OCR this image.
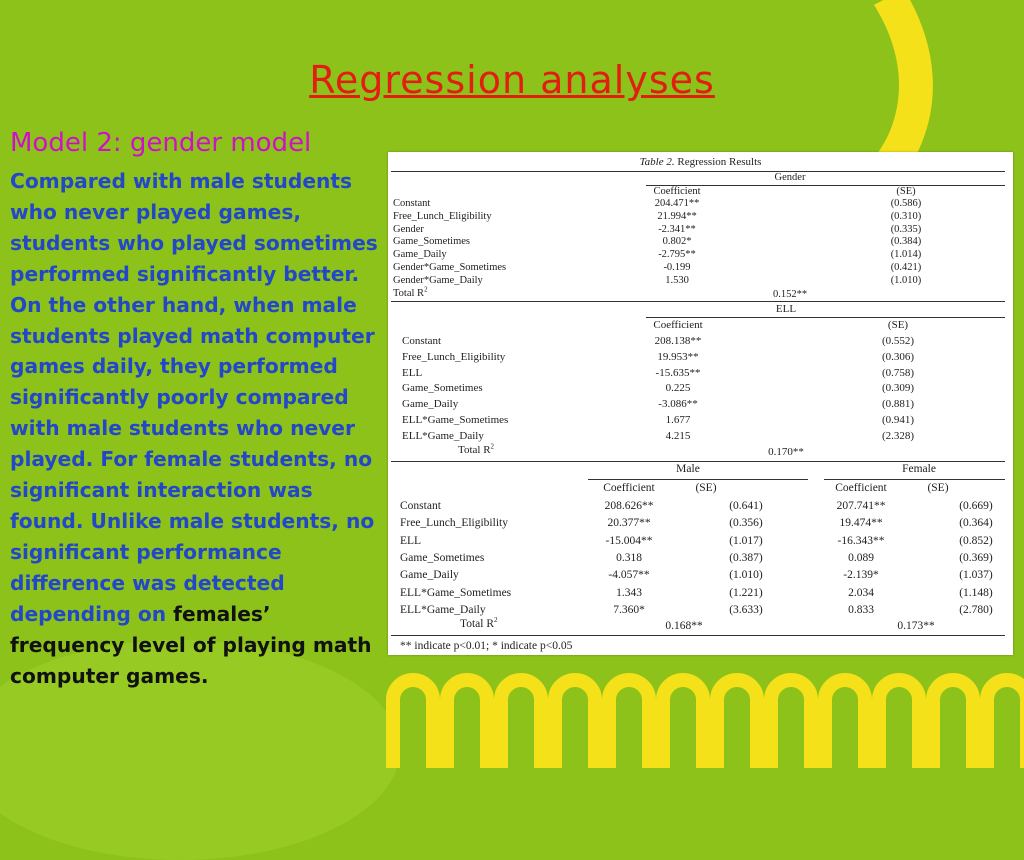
Regression analyses
Model 2: gender model
Compared with male students who never played games, students who played sometimes performed significantly better. On the other hand, when male students played math computer games daily, they performed significantly poorly compared with male students who never played. For female students, no significant interaction was found. Unlike male students, no significant performance difference was detected depending on females’ frequency level of playing math computer games.
Table 2. Regression Results
Gender
Coefficient	(SE)
Constant	204.471**	(0.586)
Free_Lunch_Eligibility	21.994**	(0.310)
Gender	-2.341**	(0.335)
Game_Sometimes	0.802*	(0.384)
Game_Daily	-2.795**	(1.014)
Gender*Game_Sometimes	-0.199	(0.421)
Gender*Game_Daily	1.530	(1.010)
Total $R^2$	0.152**
ELL
Coefficient	(SE)
Constant	208.138**	(0.552)
Free_Lunch_Eligibility	19.953**	(0.306)
ELL	-15.635**	(0.758)
Game_Sometimes	0.225	(0.309)
Game_Daily	-3.086**	(0.881)
ELL*Game_Sometimes	1.677	(0.941)
ELL*Game_Daily	4.215	(2.328)
Total $R^2$	0.170**
Male	Female
Coefficient	(SE)	Coefficient	(SE)
Constant	208.626**	(0.641)	207.741**	(0.669)
Free_Lunch_Eligibility	20.377**	(0.356)	19.474**	(0.364)
ELL	-15.004**	(1.017)	-16.343**	(0.852)
Game_Sometimes	0.318	(0.387)	0.089	(0.369)
Game_Daily	-4.057**	(1.010)	-2.139*	(1.037)
ELL*Game_Sometimes	1.343	(1.221)	2.034	(1.148)
ELL*Game_Daily	7.360*	(3.633)	0.833	(2.780)
Total $R^2$	0.168**	0.173**
** indicate p<0.01; * indicate p<0.05
